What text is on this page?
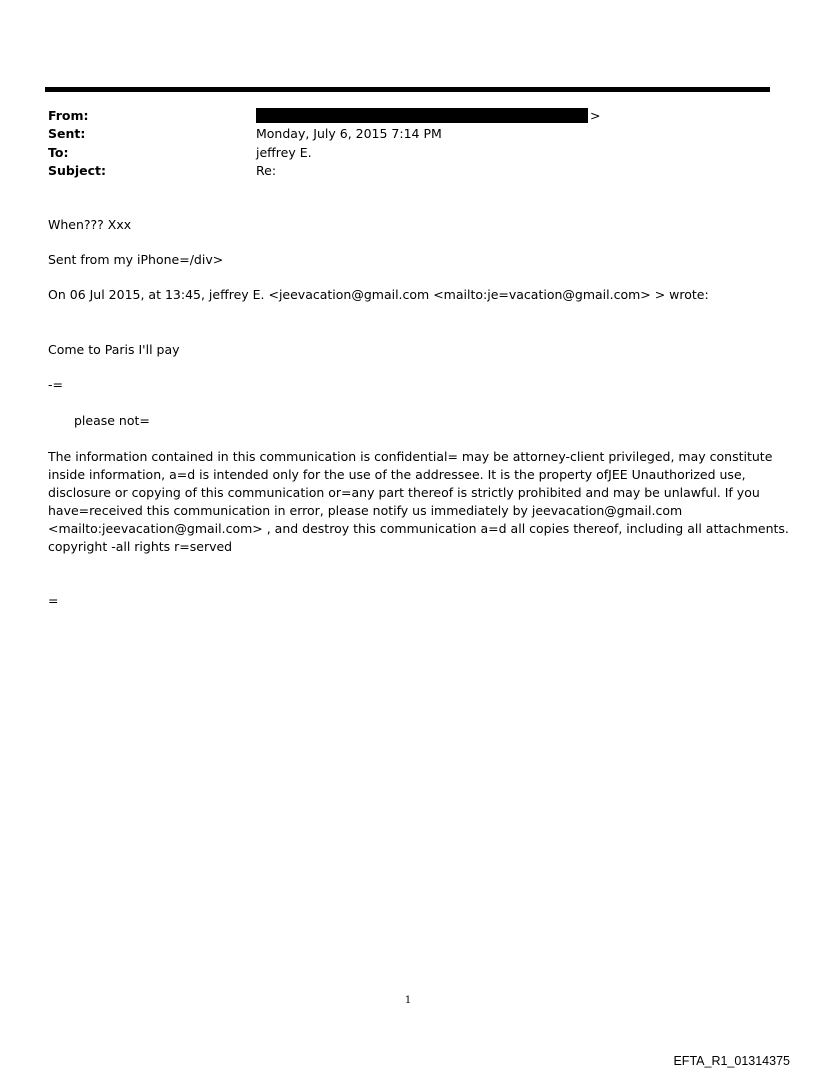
From:	>
Sent:	Monday, July 6, 2015 7:14 PM
To:	jeffrey E.
Subject:	Re:
When??? Xxx
Sent from my iPhone=/div>
On 06 Jul 2015, at 13:45, jeffrey E. <jeevacation@gmail.com <mailto:je=vacation@gmail.com> > wrote:
Come to Paris I'll pay
-=
please not=
The information contained in this communication is confidential= may be attorney-client privileged, may constitute
inside information, a=d is intended only for the use of the addressee. It is the property ofJEE Unauthorized use,
disclosure or copying of this communication or=any part thereof is strictly prohibited and may be unlawful. If you
have=received this communication in error, please notify us immediately by jeevacation@gmail.com
<mailto:jeevacation@gmail.com> , and destroy this communication a=d all copies thereof, including all attachments.
copyright -all rights r=served
=
1
EFTA_R1_01314375
